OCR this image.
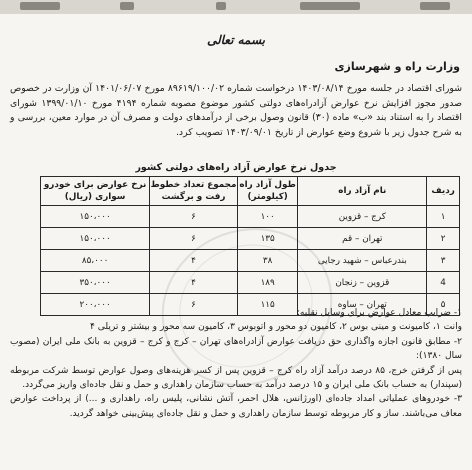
بسمه تعالی
وزارت راه و شهرسازی
شورای اقتصاد در جلسه مورخ ۱۴۰۳/۰۸/۱۴ درخواست شماره ۸۹۶۱۹/۱۰۰/۰۲ مورخ ۱۴۰۱/۰۶/۰۷ آن وزارت در خصوص صدور مجوز افزایش نرخ عوارض آزادراه‌های دولتی کشور موضوع مصوبه شماره ۴۱۹۴ مورخ ۱۳۹۹/۰۱/۱۰ شورای اقتصاد را به استناد بند «ب» ماده (۳۰) قانون وصول برخی از درآمدهای دولت و مصرف آن در موارد معین، بررسی و به شرح جدول زیر با شروع وضع عوارض از تاریخ ۱۴۰۳/۰۹/۰۱ تصویب کرد.
جدول نرخ عوارض آزاد راه‌های دولتی کشور
ردیف	نام آزاد راه	طول آزاد راه (کیلومتر)	مجموع تعداد خطوط رفت و برگشت	نرخ عوارض برای خودرو سواری (ریال)
۱	کرج – قزوین	۱۰۰	۶	۱۵۰،۰۰۰
۲	تهران – قم	۱۳۵	۶	۱۵۰،۰۰۰
۳	بندرعباس – شهید رجایی	۳۸	۴	۸۵،۰۰۰
4	قزوین – زنجان	۱۸۹	۴	۳۵۰،۰۰۰
۵	تهران – ساوه	۱۱۵	۶	۲۰۰،۰۰۰

۱- ضرایب معادل عوارض برای وسایل نقلیه:

وانت ۱، کامیونت و مینی بوس ۲، کامیون دو محور و اتوبوس ۳، کامیون سه محور و بیشتر و تریلی ۴

۲- مطابق قانون اجازه واگذاری حق دریافت عوارض آزادراه‌های تهران – کرج و کرج – قزوین به بانک ملی ایران (مصوب سال ۱۳۸۰):

پس از گرفتن خرج، ۸۵ درصد درآمد آزاد راه کرج – قزوین پس از کسر هزینه‌های وصول عوارض توسط شرکت مربوطه (سپندار) به حساب بانک ملی ایران و ۱۵ درصد درآمد به حساب سازمان راهداری و حمل و نقل جاده‌ای واریز می‌گردد.

۳- خودروهای عملیاتی امداد جاده‌ای (اورژانس، هلال احمر، آتش نشانی، پلیس راه، راهداری و ...) از پرداخت عوارض معاف می‌باشند. ساز و کار مربوطه توسط سازمان راهداری و حمل و نقل جاده‌ای پیش‌بینی خواهد گردید.
